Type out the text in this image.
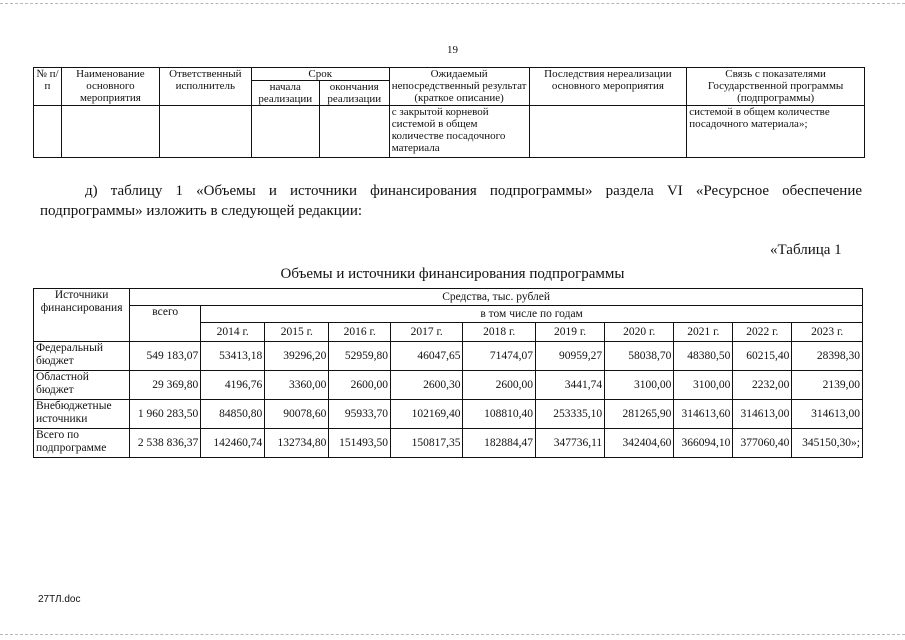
19
№ п/п	Наименование основного мероприятия	Ответственный исполнитель	Срок		Ожидаемый непосредственный результат (краткое описание)	Последствия нереализации основного мероприятия	Связь с показателями Государственной программы (подпрограммы)
			начала реализации	окончания реализации			
					с закрытой корневой системой в общем количестве посадочного материала		системой в общем количестве посадочного материала»;
д) таблицу 1 «Объемы и источники финансирования подпрограммы» раздела VI «Ресурсное обеспечение подпрограммы» изложить в следующей редакции:
«Таблица 1
Объемы и источники финансирования подпрограммы
Источники финансирования	Средства, тыс. рублей										
	всего	в том числе по годам									
		2014 г.	2015 г.	2016 г.	2017 г.	2018 г.	2019 г.	2020 г.	2021 г.	2022 г.	2023 г.
Федеральный бюджет	549 183,07	53413,18	39296,20	52959,80	46047,65	71474,07	90959,27	58038,70	48380,50	60215,40	28398,30
Областной бюджет	29 369,80	4196,76	3360,00	2600,00	2600,30	2600,00	3441,74	3100,00	3100,00	2232,00	2139,00
Внебюджетные источники	1 960 283,50	84850,80	90078,60	95933,70	102169,40	108810,40	253335,10	281265,90	314613,60	314613,00	314613,00
Всего по подпрограмме	2 538 836,37	142460,74	132734,80	151493,50	150817,35	182884,47	347736,11	342404,60	366094,10	377060,40	345150,30»;
27ТЛ.doc
